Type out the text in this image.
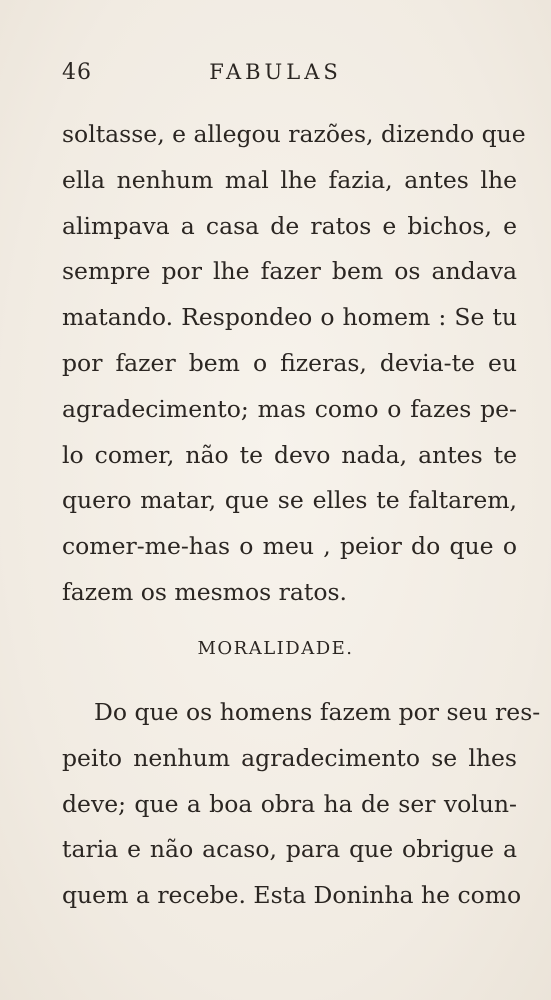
46	FABULAS
soltasse, e allegou razões, dizendo que
ella nenhum mal lhe fazia, antes lhe
alimpava a casa de ratos e bichos, e
sempre por lhe fazer bem os andava
matando. Respondeo o homem : Se tu
por fazer bem o fizeras, devia-te eu
agradecimento; mas como o fazes pe-
lo comer, não te devo nada, antes te
quero matar, que se elles te faltarem,
comer-me-has o meu , peior do que o
fazem os mesmos ratos.
MORALIDADE.
Do que os homens fazem por seu res-
peito nenhum agradecimento se lhes
deve; que a boa obra ha de ser volun-
taria e não acaso, para que obrigue a
quem a recebe. Esta Doninha he como
